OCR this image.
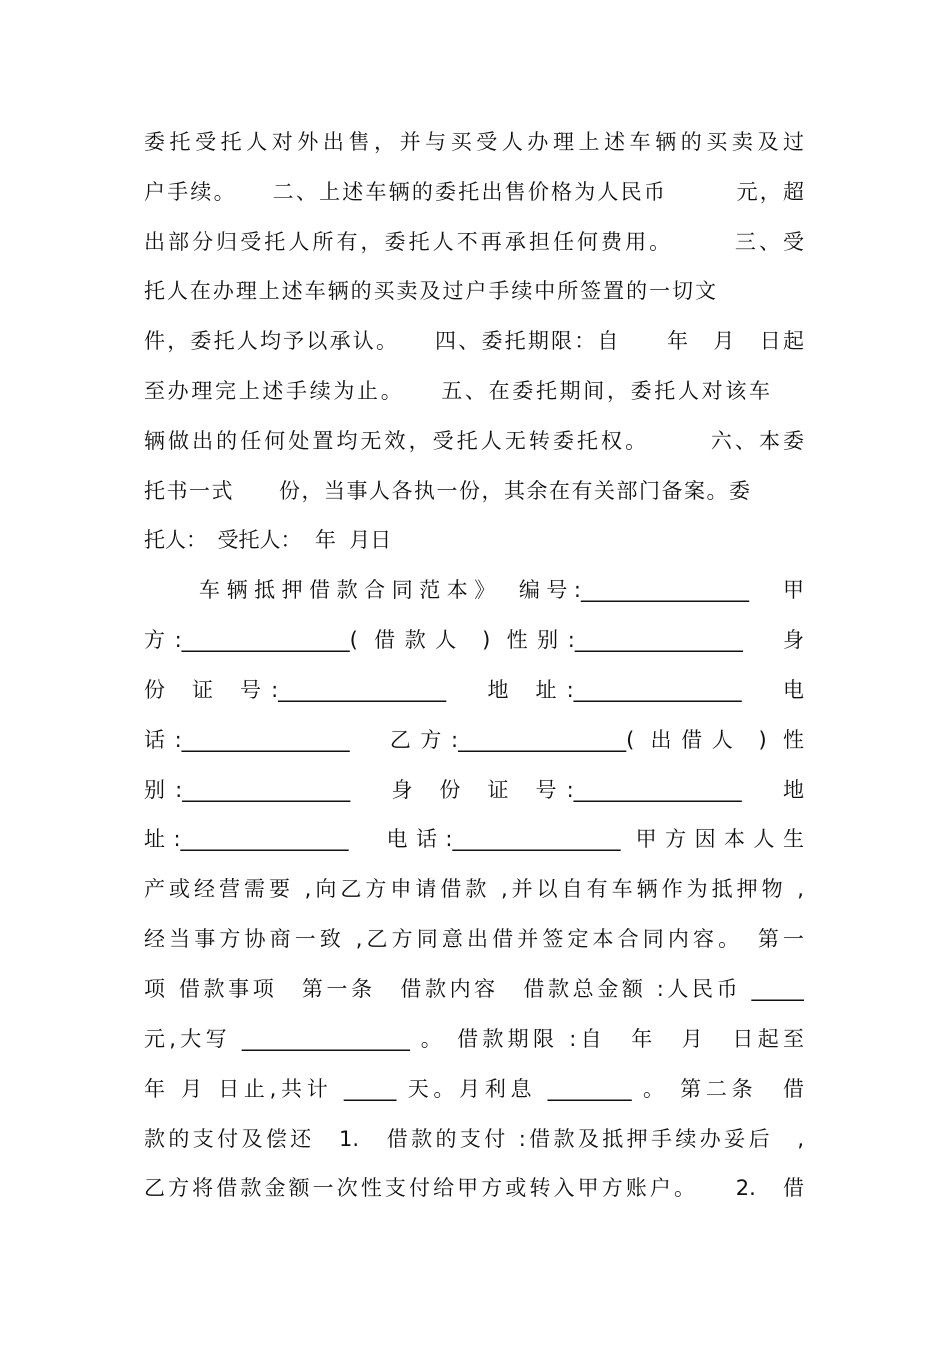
委托受托人对外出售，并与买受人办理上述车辆的买卖及过
户手续。　　二、上述车辆的委托出售价格为人民币　　　元，超
出部分归受托人所有，委托人不再承担任何费用。　　　三、受
托人在办理上述车辆的买卖及过户手续中所签置的一切文
件，委托人均予以承认。　　四、委托期限：自　　年　月　日起
至办理完上述手续为止。　　五、在委托期间，委托人对该车
辆做出的任何处置均无效，受托人无转委托权。　　　六、本委
托书一式　　份，当事人各执一份，其余在有关部门备案。委
托人：　受托人：  年  月日
　　车辆抵押借款合同范本》　编号:________________　甲
方:________________( 借款人 ) 性别:________________　身
份 证 号:________________　地 址:________________　电
话:________________　乙方:________________( 出借人 ) 性
别:________________　身 份 证 号:________________　地
址:________________　电话:________________ 甲方因本人生
产或经营需要 ,向乙方申请借款 ,并以自有车辆作为抵押物 ,
经当事方协商一致 ,乙方同意出借并签定本合同内容。　第一
项 借款事项　第一条　借款内容　借款总金额 :人民币 _____
元,大写 ________________ 。 借款期限 :自　年　月　日起至
年 月 日止,共计 _____ 天。月利息 ________ 。 第二条　借
款的支付及偿还　1.　借款的支付 :借款及抵押手续办妥后　,
乙方将借款金额一次性支付给甲方或转入甲方账户。　　2.　借
